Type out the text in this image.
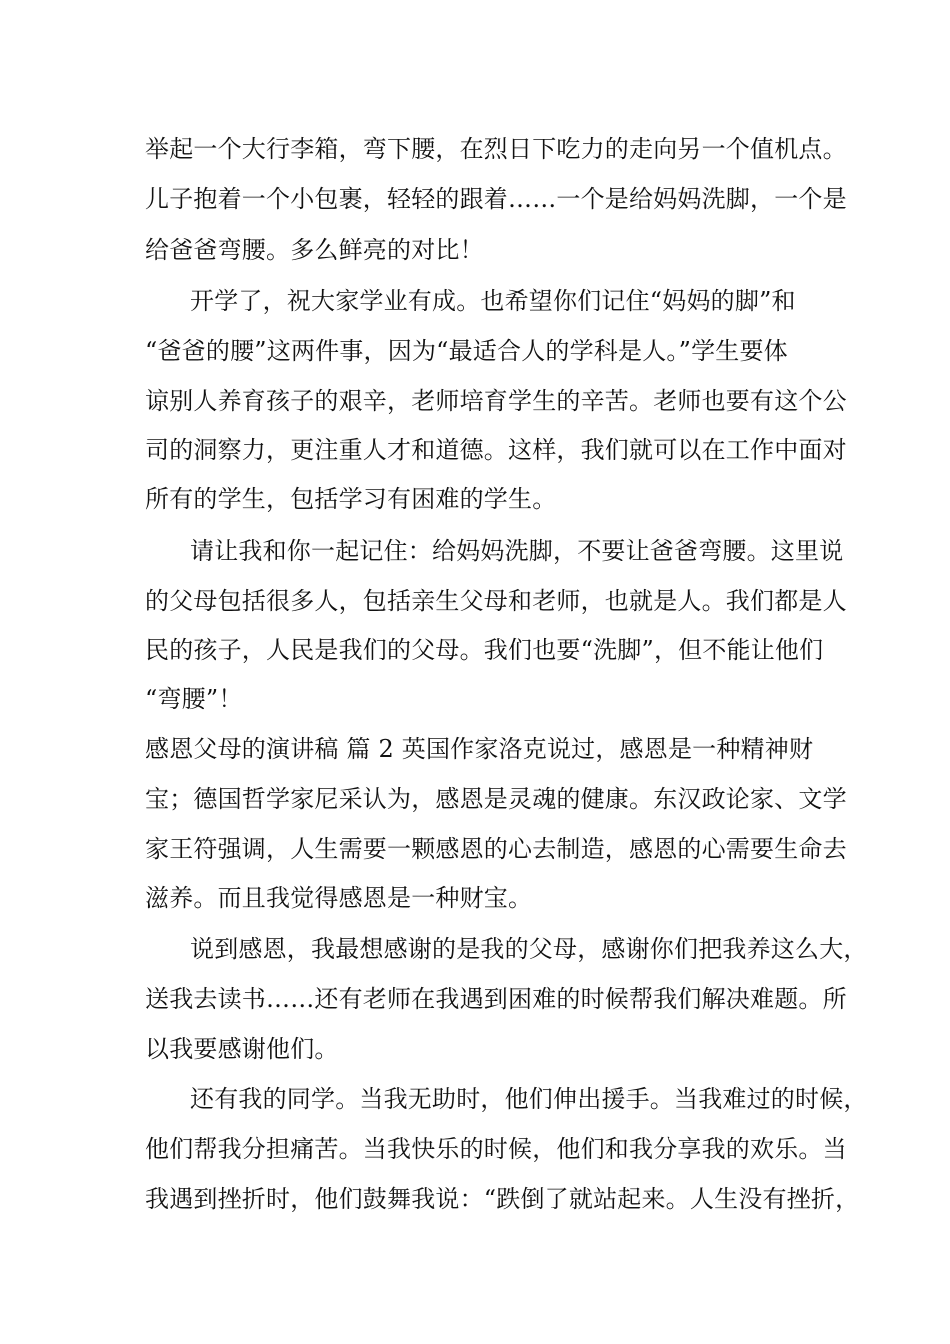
举起一个大行李箱，弯下腰，在烈日下吃力的走向另一个值机点。
儿子抱着一个小包裹，轻轻的跟着……一个是给妈妈洗脚，一个是
给爸爸弯腰。多么鲜亮的对比！
开学了，祝大家学业有成。也希望你们记住“妈妈的脚”和
“爸爸的腰”这两件事，因为“最适合人的学科是人。”学生要体
谅别人养育孩子的艰辛，老师培育学生的辛苦。老师也要有这个公
司的洞察力，更注重人才和道德。这样，我们就可以在工作中面对
所有的学生，包括学习有困难的学生。
请让我和你一起记住：给妈妈洗脚，不要让爸爸弯腰。这里说
的父母包括很多人，包括亲生父母和老师，也就是人。我们都是人
民的孩子，人民是我们的父母。我们也要“洗脚”，但不能让他们
“弯腰”！
感恩父母的演讲稿 篇 2 英国作家洛克说过，感恩是一种精神财
宝；德国哲学家尼采认为，感恩是灵魂的健康。东汉政论家、文学
家王符强调，人生需要一颗感恩的心去制造，感恩的心需要生命去
滋养。而且我觉得感恩是一种财宝。
说到感恩，我最想感谢的是我的父母，感谢你们把我养这么大，
送我去读书……还有老师在我遇到困难的时候帮我们解决难题。所
以我要感谢他们。
还有我的同学。当我无助时，他们伸出援手。当我难过的时候，
他们帮我分担痛苦。当我快乐的时候，他们和我分享我的欢乐。当
我遇到挫折时，他们鼓舞我说：“跌倒了就站起来。人生没有挫折，
